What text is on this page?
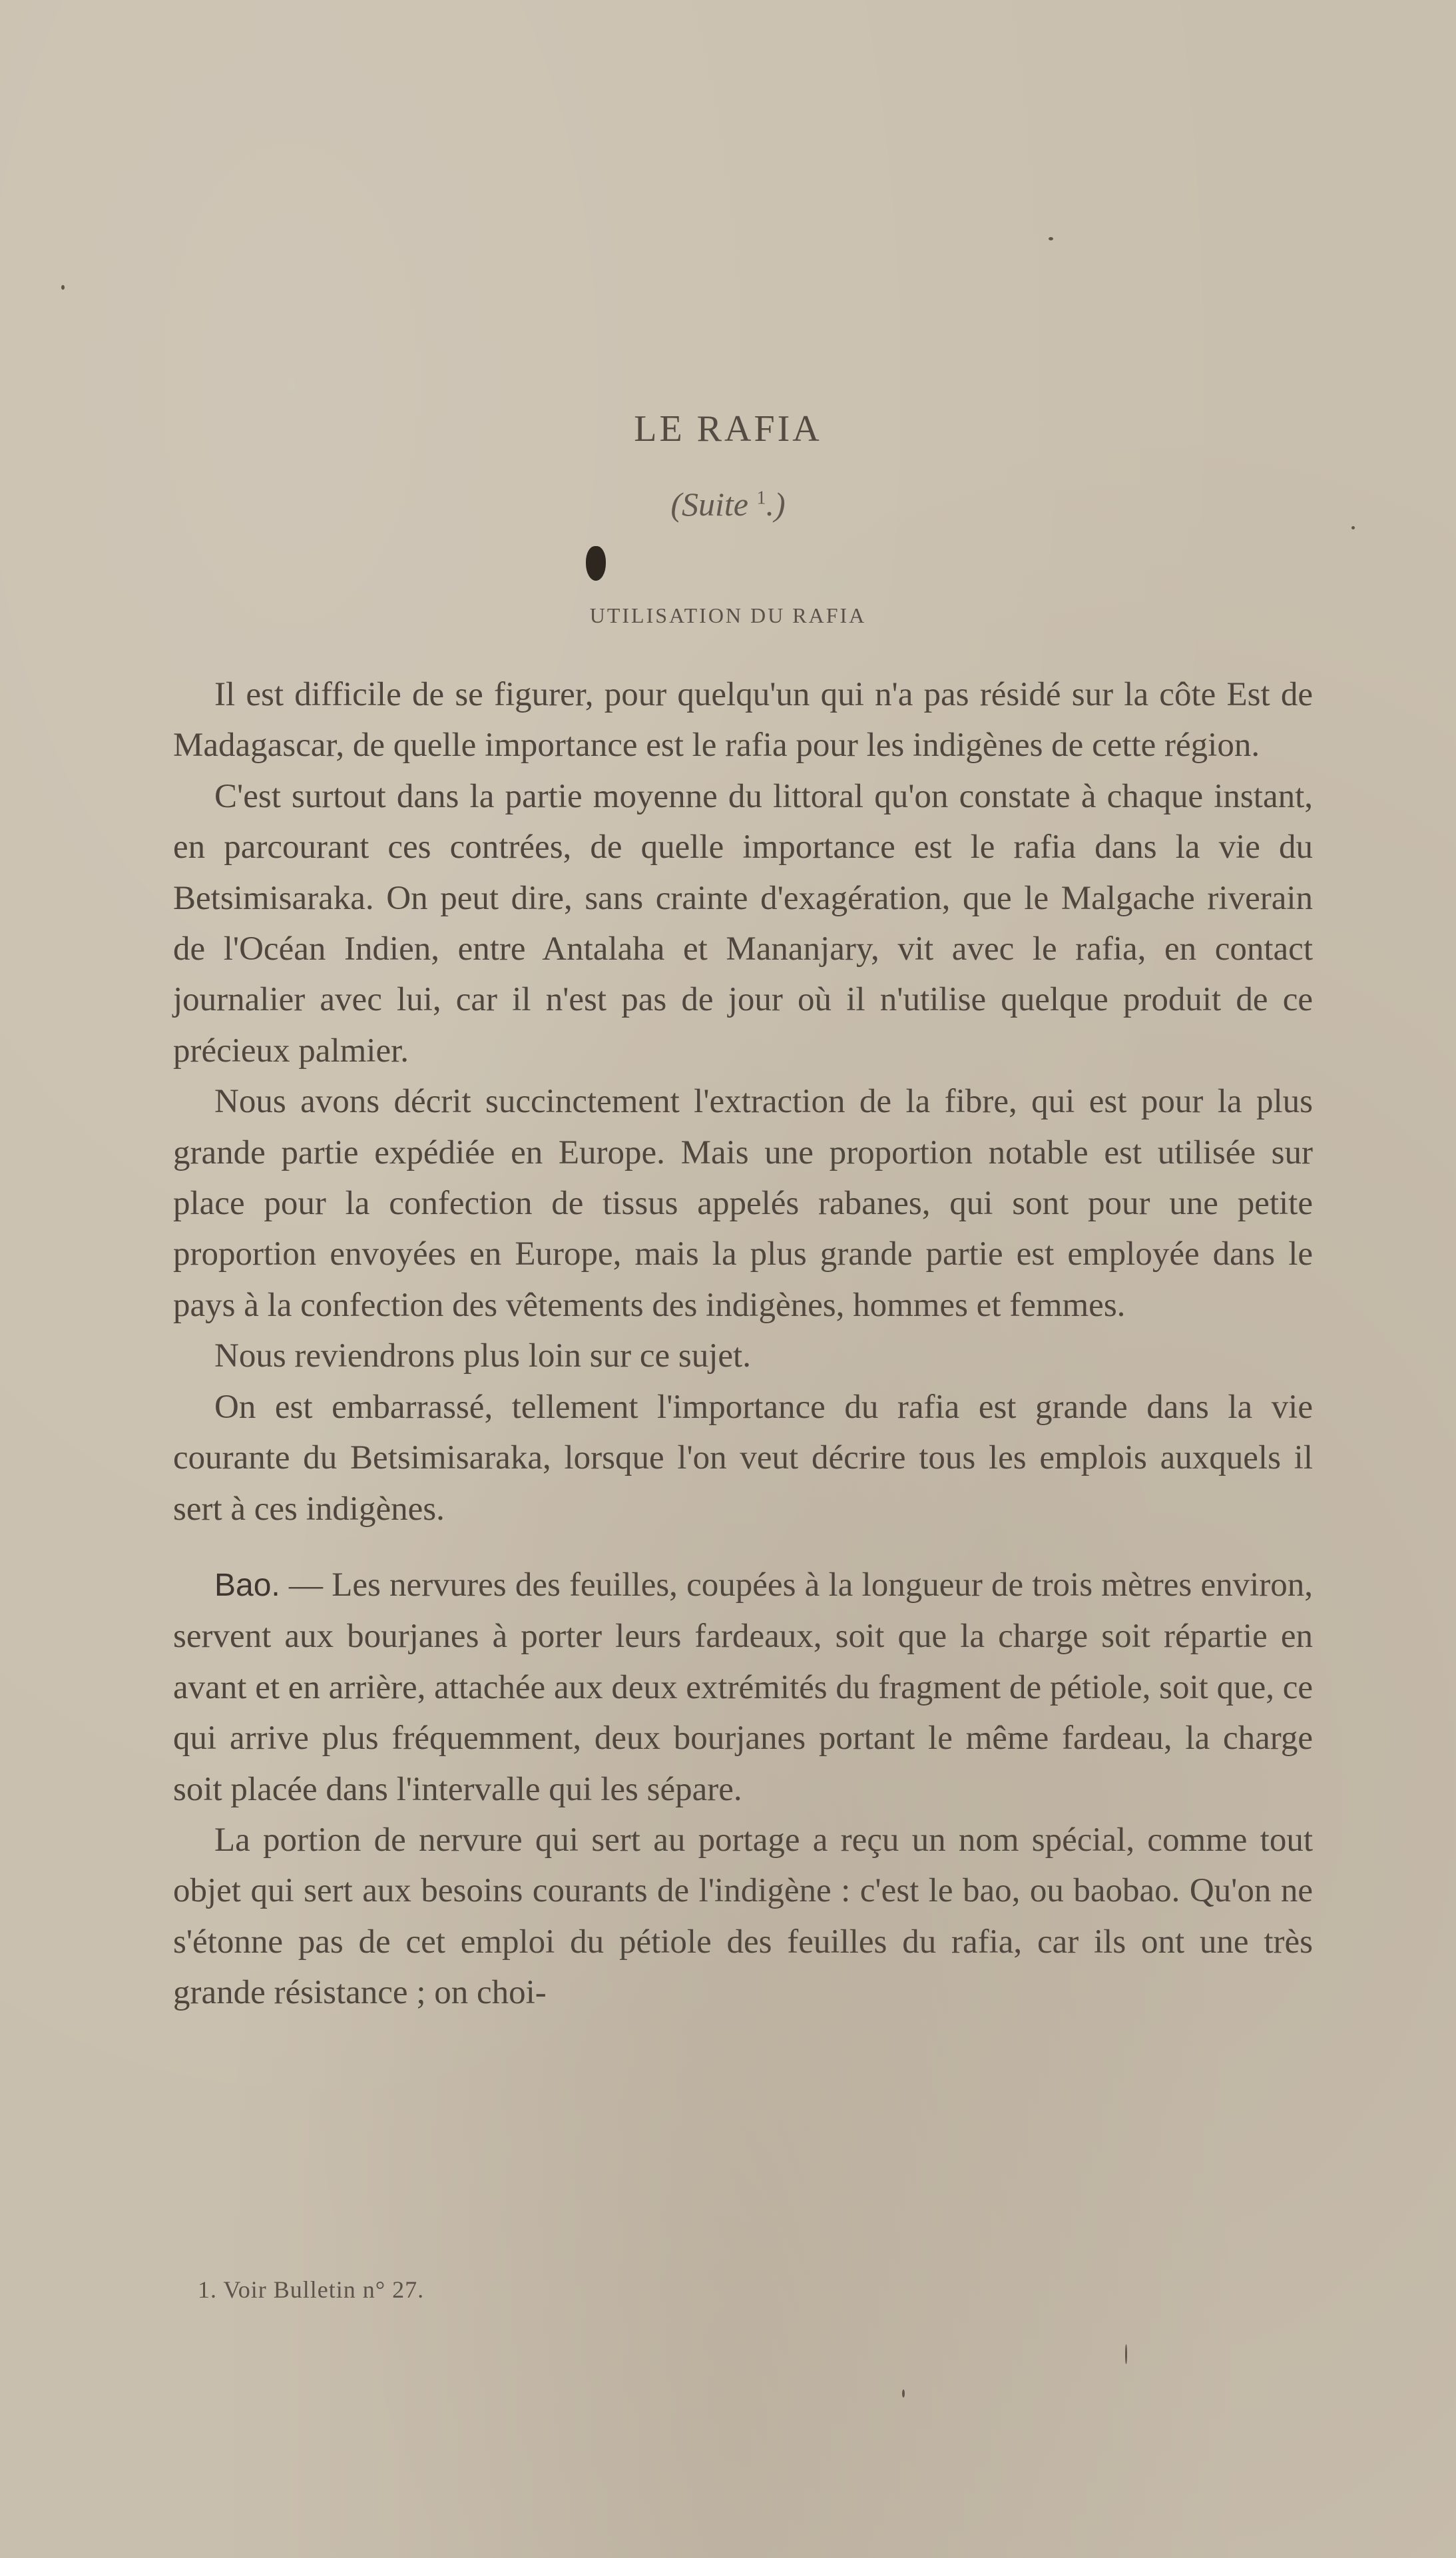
LE RAFIA
(Suite $^1$.)
UTILISATION DU RAFIA

Il est difficile de se figurer, pour quelqu'un qui n'a pas résidé sur la côte Est de Madagascar, de quelle importance est le rafia pour les indigènes de cette région.

C'est surtout dans la partie moyenne du littoral qu'on constate à chaque instant, en parcourant ces contrées, de quelle importance est le rafia dans la vie du Betsimisaraka. On peut dire, sans crainte d'exagération, que le Malgache riverain de l'Océan Indien, entre Antalaha et Mananjary, vit avec le rafia, en contact journalier avec lui, car il n'est pas de jour où il n'utilise quelque produit de ce précieux palmier.

Nous avons décrit succinctement l'extraction de la fibre, qui est pour la plus grande partie expédiée en Europe. Mais une proportion notable est utilisée sur place pour la confection de tissus appelés rabanes, qui sont pour une petite proportion envoyées en Europe, mais la plus grande partie est employée dans le pays à la confection des vêtements des indigènes, hommes et femmes.

Nous reviendrons plus loin sur ce sujet.

On est embarrassé, tellement l'importance du rafia est grande dans la vie courante du Betsimisaraka, lorsque l'on veut décrire tous les emplois auxquels il sert à ces indigènes.

Bao. — Les nervures des feuilles, coupées à la longueur de trois mètres environ, servent aux bourjanes à porter leurs fardeaux, soit que la charge soit répartie en avant et en arrière, attachée aux deux extrémités du fragment de pétiole, soit que, ce qui arrive plus fréquemment, deux bourjanes portant le même fardeau, la charge soit placée dans l'intervalle qui les sépare.

La portion de nervure qui sert au portage a reçu un nom spécial, comme tout objet qui sert aux besoins courants de l'indigène : c'est le bao, ou baobao. Qu'on ne s'étonne pas de cet emploi du pétiole des feuilles du rafia, car ils ont une très grande résistance ; on choi-

1. Voir Bulletin n° 27.
